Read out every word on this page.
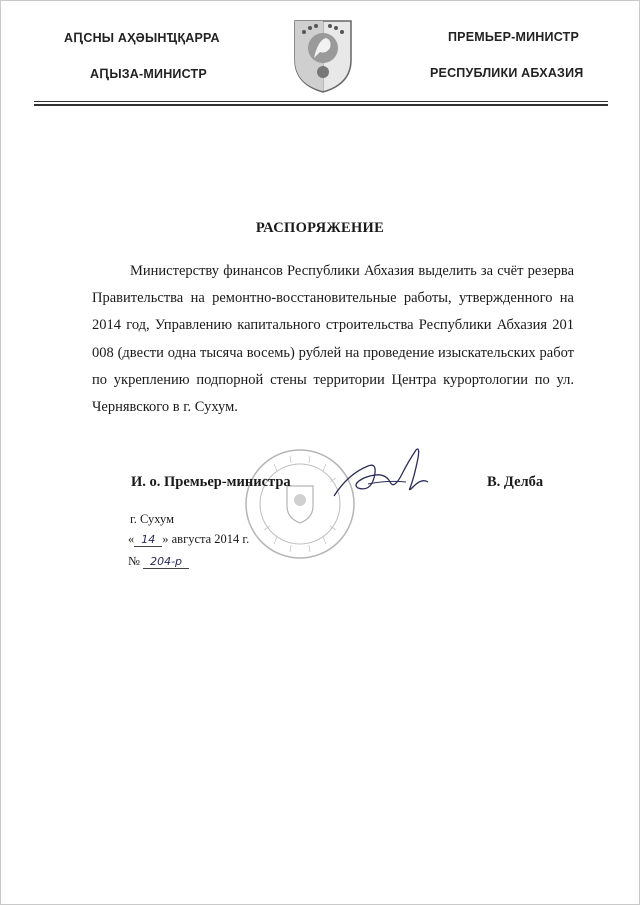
АԤСНЫ АҲӘЫНҴҚАРРА
АԤЫЗА-МИНИСТР
ПРЕМЬЕР-МИНИСТР
РЕСПУБЛИКИ АБХАЗИЯ
РАСПОРЯЖЕНИЕ

Министерству финансов Республики Абхазия выделить за счёт резерва Правительства на ремонтно-восстановительные работы, утвержденного на 2014 год, Управлению капитального строительства Республики Абхазия 201 008 (двести одна тысяча восемь) рублей на проведение изыскательских работ по укреплению подпорной стены территории Центра курортологии по ул. Чернявского в г. Сухум.

И. о. Премьер-министра	В. Делба
г. Сухум
« 14 » августа 2014 г.
№ 204-р
